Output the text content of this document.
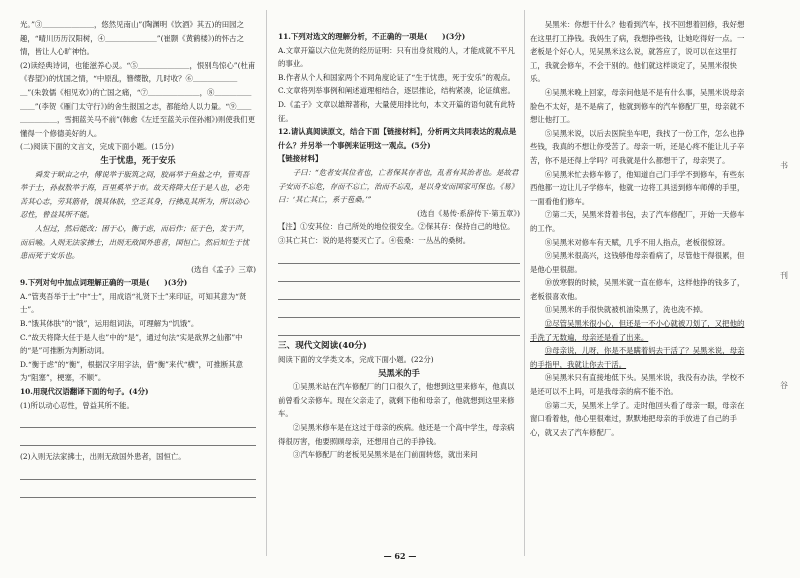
光。”③＿＿＿＿＿＿＿，悠然见南山”(陶渊明《饮酒》其五)的田园之趣，“晴川历历汉阳树，④＿＿＿＿＿＿＿”(崔颢《黄鹤楼》)的怀古之情，皆让人心旷神怡。

(2)读经典诗词，也能滋养心灵。“⑤＿＿＿＿＿＿＿，恨别鸟惊心”(杜甫《春望》)的忧国之情，“中原乱，簪缨散，几时收？⑥＿＿＿＿＿＿＿”(朱敦儒《相见欢》)的亡国之痛，“⑦＿＿＿＿＿＿＿，⑧＿＿＿＿＿＿＿”(李贺《雁门太守行》)的舍生报国之志，都能给人以力量。“⑨＿＿＿＿＿＿＿，雪拥蓝关马不前”(韩愈《左迁至蓝关示侄孙湘》)则使我们更懂得一个修德美好的人。

(二)阅读下面的文言文，完成下面小题。(15分)

生于忧患，死于安乐

舜发于畎亩之中，傅说举于版筑之间，胶鬲举于鱼盐之中，管夷吾举于士，孙叔敖举于海，百里奚举于市。故天将降大任于是人也，必先苦其心志，劳其筋骨，饿其体肤，空乏其身，行拂乱其所为，所以动心忍性，曾益其所不能。

人恒过，然后能改；困于心，衡于虑，而后作；征于色，发于声，而后喻。入则无法家拂士，出则无敌国外患者，国恒亡。然后知生于忧患而死于安乐也。

(选自《孟子》三章)

9.下列对句中加点词理解正确的一项是(　　)(3分)

A.“管夷吾举于士”中“士”，用成语“礼贤下士”来印证，可知其意为“贤士”。

B.“饿其体肤”的“饿”，运用组词法，可理解为“饥饿”。

C.“故天将降大任于是人也”中的“是”，通过句法“实是欲界之仙都”中的“是”可推断为判断动词。

D.“衡于虑”的“衡”，根据汉字用字法，借“衡”来代“横”，可推断其意为“阻塞”，梗塞，不顺”。

10.用现代汉语翻译下面的句子。(4分)

(1)所以动心忍性，曾益其所不能。

(2)入则无法家拂士，出则无敌国外患者，国恒亡。

11.下列对选文的理解分析，不正确的一项是(　　)(3分)

A.文章开篇以六位先贤的经历证明：只有出身贫贱的人，才能成就不平凡的事业。

B.作者从个人和国家两个不同角度论证了“生于忧患，死于安乐”的观点。

C.文章将列举事例和阐述道理相结合，逐层推论，结构紧凑，论证缜密。

D.《孟子》文章以雄辩著称，大量使用排比句，本文开篇的语句就有此特征。

12.请认真阅读原文，结合下面【链接材料】，分析两文共同表达的观点是什么？并另举一个事例来证明这一观点。(5分)

【链接材料】

子曰：“危者安其位者也，亡者保其存者也，乱者有其治者也。是故君子安而不忘危，存而不忘亡，治而不忘乱，是以身安而国家可保也。《易》曰：‘其亡其亡，系于苞桑。’”

(选自《易传·系辞传下·第五章》)

【注】①安其位：自己所处的地位很安全。②保其存：保持自己的地位。③其亡其亡：说的是将要灭亡了。④苞桑：一丛丛的桑树。

三、现代文阅读(40分)

阅读下面的文学类文本，完成下面小题。(22分)

吴黑米的手

①吴黑米站在汽车修配厂的门口很久了，他想到这里来修车，他真以前曾看父亲修车。现在父亲走了，就剩下他和母亲了，他就想到这里来修车。

②吴黑米修车是在这过于母亲的疾病。他还是一个高中学生，母亲病得很厉害，他要照顾母亲，还想用自己的手挣钱。

③汽车修配厂的老板见吴黑米是在门前面转悠，就出来问

吴黑米：你想干什么？他看到汽车，找不回想着回修，我好想在这里打工挣钱。我妈生了病，我想挣些钱，让她吃得好一点。一老板是个好心人，见吴黑米这么说，就答应了，说可以在这里打工，我就会修车，不会干别的。他们就这样谈定了，吴黑米很快乐。

④吴黑米晚上回家，母亲问他是不是有什么事，吴黑米说母亲脸色不太好，是不是病了，他就到修车的汽车修配厂里，母亲就不想让他打工。

⑤吴黑米说，以后去医院坐车吧，我找了一份工作，怎么也挣些钱，我真的不想让你受苦了。母亲一听，还是心疼不能让儿子辛苦，你不是还得上学吗？可我就是什么都想干了，母亲哭了。

⑥吴黑米忙去修车修了，他知道自己门手学不到修车，有些东西他都一边让儿子学修车，他就一边将工具送到修车师傅的手里，一面看他们修车。

⑦第二天，吴黑米背着书包，去了汽车修配厂，开始一天修车的工作。

⑧吴黑米对修车有天赋，几乎不用人指点，老板很惊讶。

⑨吴黑米很高兴，这钱够他母亲看病了，尽管他干得很累，但是他心里很甜。

⑩放寒假的时候，吴黑米就一直在修车，这样他挣的钱多了，老板很喜欢他。

⑪吴黑米的手很快就被机油染黑了，洗也洗不掉。

⑫尽管吴黑米很小心，但还是一不小心就被刀划了，又把他的手洗了无数遍，母亲还是看了出来。

⑬母亲说，儿呀，你是不是瞒着妈去干活了？吴黑米说，母亲的手指甲，我就让你去干活。

⑭吴黑米只有直接地低下头。吴黑米说，我没有办法，学校不是还可以不上吗，可是我母亲的病不能不治。

⑮第二天，吴黑米上学了。走时他回头看了母亲一眼，母亲在窗口看着他，他心里很难过，默默地把母亲的手放进了自己的手心，就又去了汽车修配厂。

书
刊
谷
— 62 —
